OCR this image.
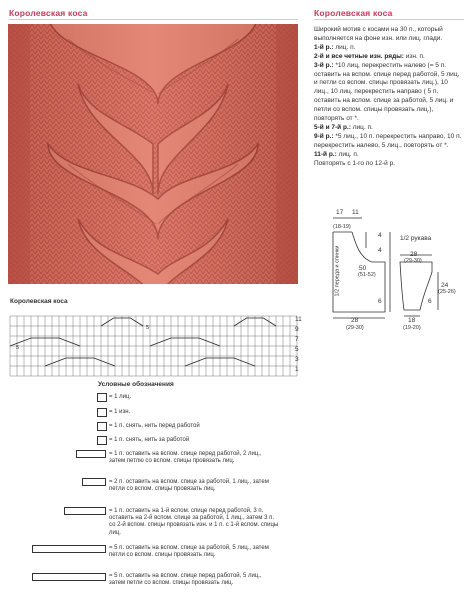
Королевская коса	Королевская коса

Широкий мотив с косами на 30 п., который выполняется на фоне изн. или лиц. глади.

1-й р.: лиц. п.

2-й и все четные изн. ряды: изн. п.

3-й р.: *10 лиц, перекрестить налево (= 5 п. оставить на вспом. спице перед работой, 5 лиц, и петли со вспом. спицы провязать лиц.), 10 лиц., 10 лиц. перекрестить направо ( 5 п. оставить на вспом. спице за работой, 5 лиц. и петли со вспом. спицы провязать лиц.), повторять от *.

5-й и 7-й р.: лиц. п.

9-й р.: *5 лиц., 10 п. перекрестить направо, 10 п. перекрестить налево, 5 лиц., повторять от *.

11-й р.: лиц. п.

Повторять с 1-го по 12-й р.

17
(18-19)
11
4
4
50
(51-52)
1/2 переда и спинки
6
28
(29-30)
1/2 рукава
28
(29-30)
24
(25-26)
6
18
(19-20)
Королевская коса
11
9
7
5
3
1
5
5
Условные обозначения
= 1 лиц.
= 1 изн.
= 1 п. снять, нить перед работой
= 1 п. снять, нить за работой
= 1 п. оставить на вспом. спице перед работой, 2 лиц., затем петлю со вспом. спицы провязать лиц.
= 2 п. оставить на вспом. спице за работой, 1 лиц., затем петли со вспом. спицы провязать лиц.
= 1 п. оставить на 1-й вспом. спице перед работой, 3 п. оставить на 2-й вспом. спице за работой, 1 лиц., затем 3 п. со 2-й вспом. спицы провязать изн. и 1 п. с 1-й вспом. спицы лиц.
= 5 п. оставить на вспом. спице за работой, 5 лиц., затем петли со вспом. спицы провязать лиц.
= 5 п. оставить на вспом. спице перед работой, 5 лиц., затем петли со вспом. спицы провязать лиц.
